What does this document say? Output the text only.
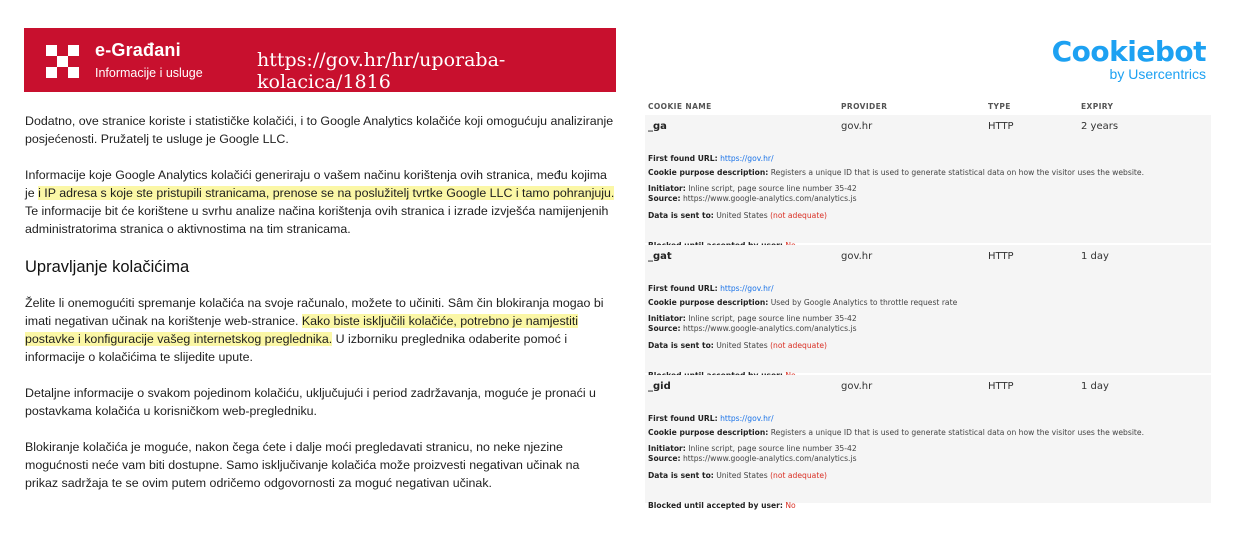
e-Građani
Informacije i usluge
https://gov.hr/hr/uporaba-kolacica/1816

Dodatno, ove stranice koriste i statističke kolačići, i to Google Analytics kolačiće koji omogućuju analiziranje posjećenosti. Pružatelj te usluge je Google LLC.

Informacije koje Google Analytics kolačići generiraju o vašem načinu korištenja ovih stranica, među kojima je i IP adresa s koje ste pristupili stranicama, prenose se na poslužitelj tvrtke Google LLC i tamo pohranjuju. Te informacije bit će korištene u svrhu analize načina korištenja ovih stranica i izrade izvješća namijenjenih administratorima stranica o aktivnostima na tim stranicama.

Upravljanje kolačićima

Želite li onemogućiti spremanje kolačića na svoje računalo, možete to učiniti. Sâm čin blokiranja mogao bi imati negativan učinak na korištenje web-stranice. Kako biste isključili kolačiće, potrebno je namjestiti postavke i konfiguracije vašeg internetskog preglednika. U izborniku preglednika odaberite pomoć i informacije o kolačićima te slijedite upute.

Detaljne informacije o svakom pojedinom kolačiću, uključujući i period zadržavanja, moguće je pronaći u postavkama kolačića u korisničkom web-pregledniku.

Blokiranje kolačića je moguće, nakon čega ćete i dalje moći pregledavati stranicu, no neke njezine mogućnosti neće vam biti dostupne. Samo isključivanje kolačića može proizvesti negativan učinak na prikaz sadržaja te se ovim putem odričemo odgovornosti za moguć negativan učinak.

Cookiebot
by Usercentrics
COOKIE NAME	PROVIDER	TYPE	EXPIRY
_ga	gov.hr	HTTP	2 years
First found URL: https://gov.hr/
Cookie purpose description: Registers a unique ID that is used to generate statistical data on how the visitor uses the website.
Initiator: Inline script, page source line number 35-42
Source: https://www.google-analytics.com/analytics.js
Data is sent to: United States (not adequate)
_gat	gov.hr	HTTP	1 day
First found URL: https://gov.hr/
Cookie purpose description: Used by Google Analytics to throttle request rate
Initiator: Inline script, page source line number 35-42
Source: https://www.google-analytics.com/analytics.js
Data is sent to: United States (not adequate)
_gid	gov.hr	HTTP	1 day
First found URL: https://gov.hr/
Cookie purpose description: Registers a unique ID that is used to generate statistical data on how the visitor uses the website.
Initiator: Inline script, page source line number 35-42
Source: https://www.google-analytics.com/analytics.js
Data is sent to: United States (not adequate)
Blocked until accepted by user: No
